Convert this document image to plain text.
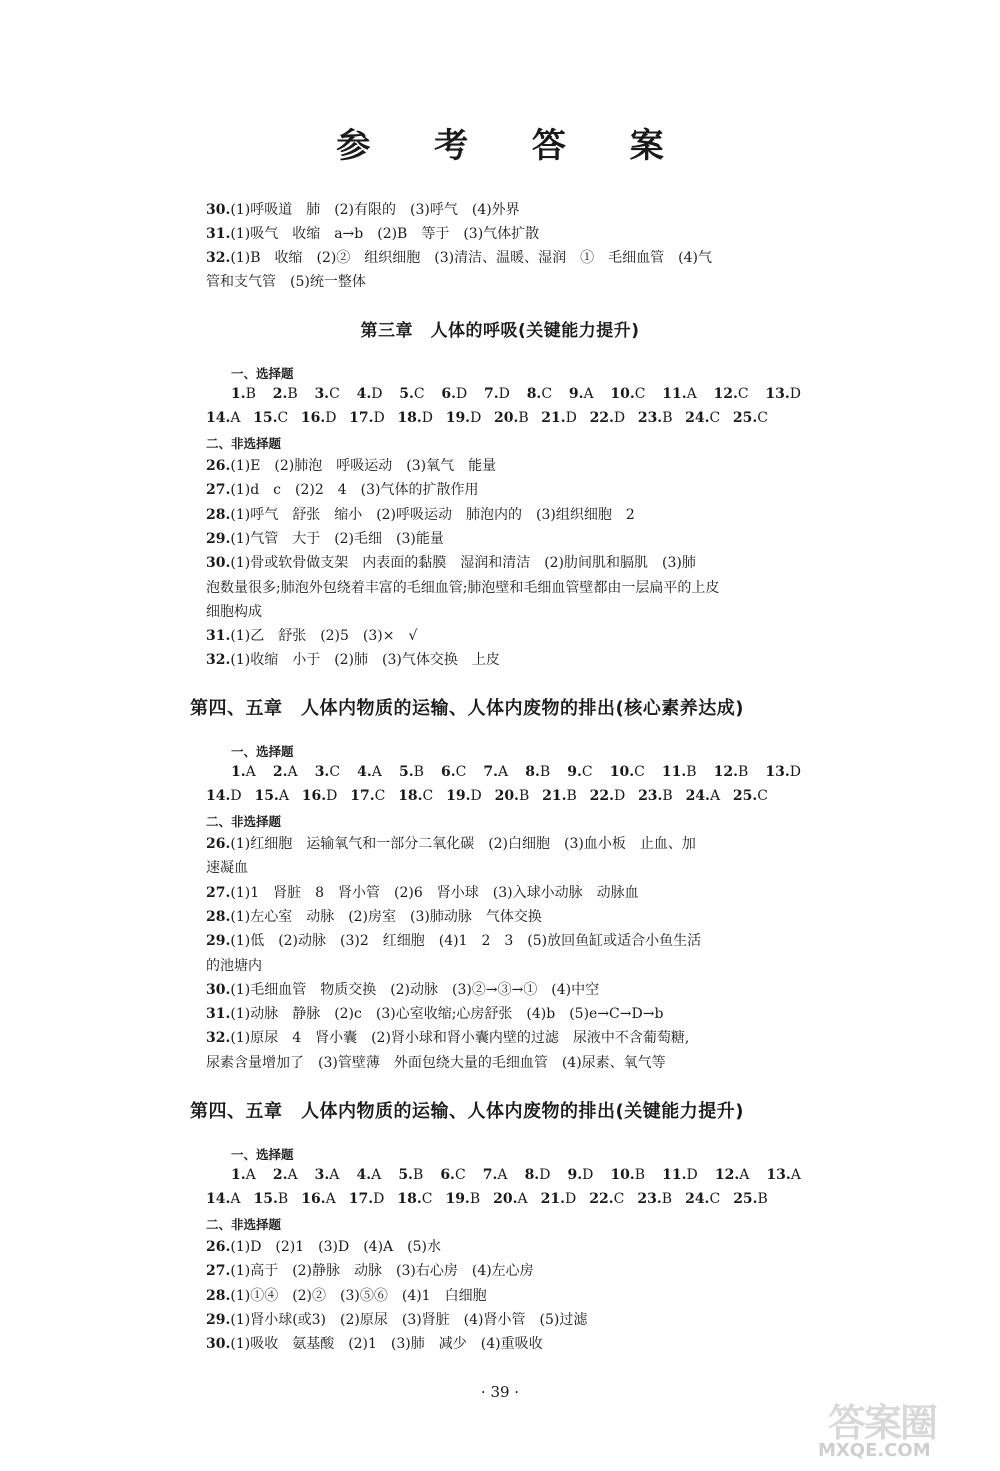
参 考 答 案
30.(1)呼吸道　肺　(2)有限的　(3)呼气　(4)外界
31.(1)吸气　收缩　a→b　(2)B　等于　(3)气体扩散
32.(1)B　收缩　(2)②　组织细胞　(3)清洁、温暖、湿润　①　毛细血管　(4)气
管和支气管　(5)统一整体
第三章　人体的呼吸(关键能力提升)
一、选择题
1.B 2.B 3.C 4.D 5.C 6.D 7.D 8.C 9.A 10.C 11.A 12.C 13.D
14.A 15.C 16.D 17.D 18.D 19.D 20.B 21.D 22.D 23.B 24.C 25.C
二、非选择题
26.(1)E　(2)肺泡　呼吸运动　(3)氧气　能量
27.(1)d　c　(2)2　4　(3)气体的扩散作用
28.(1)呼气　舒张　缩小　(2)呼吸运动　肺泡内的　(3)组织细胞　2
29.(1)气管　大于　(2)毛细　(3)能量
30.(1)骨或软骨做支架　内表面的黏膜　湿润和清洁　(2)肋间肌和膈肌　(3)肺
泡数量很多;肺泡外包绕着丰富的毛细血管;肺泡壁和毛细血管壁都由一层扁平的上皮
细胞构成
31.(1)乙　舒张　(2)5　(3)×　√
32.(1)收缩　小于　(2)肺　(3)气体交换　上皮
第四、五章　人体内物质的运输、人体内废物的排出(核心素养达成)
一、选择题
1.A 2.A 3.C 4.A 5.B 6.C 7.A 8.B 9.C 10.C 11.B 12.B 13.D
14.D 15.A 16.D 17.C 18.C 19.D 20.B 21.B 22.D 23.B 24.A 25.C
二、非选择题
26.(1)红细胞　运输氧气和一部分二氧化碳　(2)白细胞　(3)血小板　止血、加
速凝血
27.(1)1　肾脏　8　肾小管　(2)6　肾小球　(3)入球小动脉　动脉血
28.(1)左心室　动脉　(2)房室　(3)肺动脉　气体交换
29.(1)低　(2)动脉　(3)2　红细胞　(4)1　2　3　(5)放回鱼缸或适合小鱼生活
的池塘内
30.(1)毛细血管　物质交换　(2)动脉　(3)②→③→①　(4)中空
31.(1)动脉　静脉　(2)c　(3)心室收缩;心房舒张　(4)b　(5)e→C→D→b
32.(1)原尿　4　肾小囊　(2)肾小球和肾小囊内壁的过滤　尿液中不含葡萄糖,
尿素含量增加了　(3)管壁薄　外面包绕大量的毛细血管　(4)尿素、氧气等
第四、五章　人体内物质的运输、人体内废物的排出(关键能力提升)
一、选择题
1.A 2.A 3.A 4.A 5.B 6.C 7.A 8.D 9.D 10.B 11.D 12.A 13.A
14.A 15.B 16.A 17.D 18.C 19.B 20.A 21.D 22.C 23.B 24.C 25.B
二、非选择题
26.(1)D　(2)1　(3)D　(4)A　(5)水
27.(1)高于　(2)静脉　动脉　(3)右心房　(4)左心房
28.(1)①④　(2)②　(3)⑤⑥　(4)1　白细胞
29.(1)肾小球(或3)　(2)原尿　(3)肾脏　(4)肾小管　(5)过滤
30.(1)吸收　氨基酸　(2)1　(3)肺　减少　(4)重吸收
· 39 ·
答案圈
MXQE.COM
